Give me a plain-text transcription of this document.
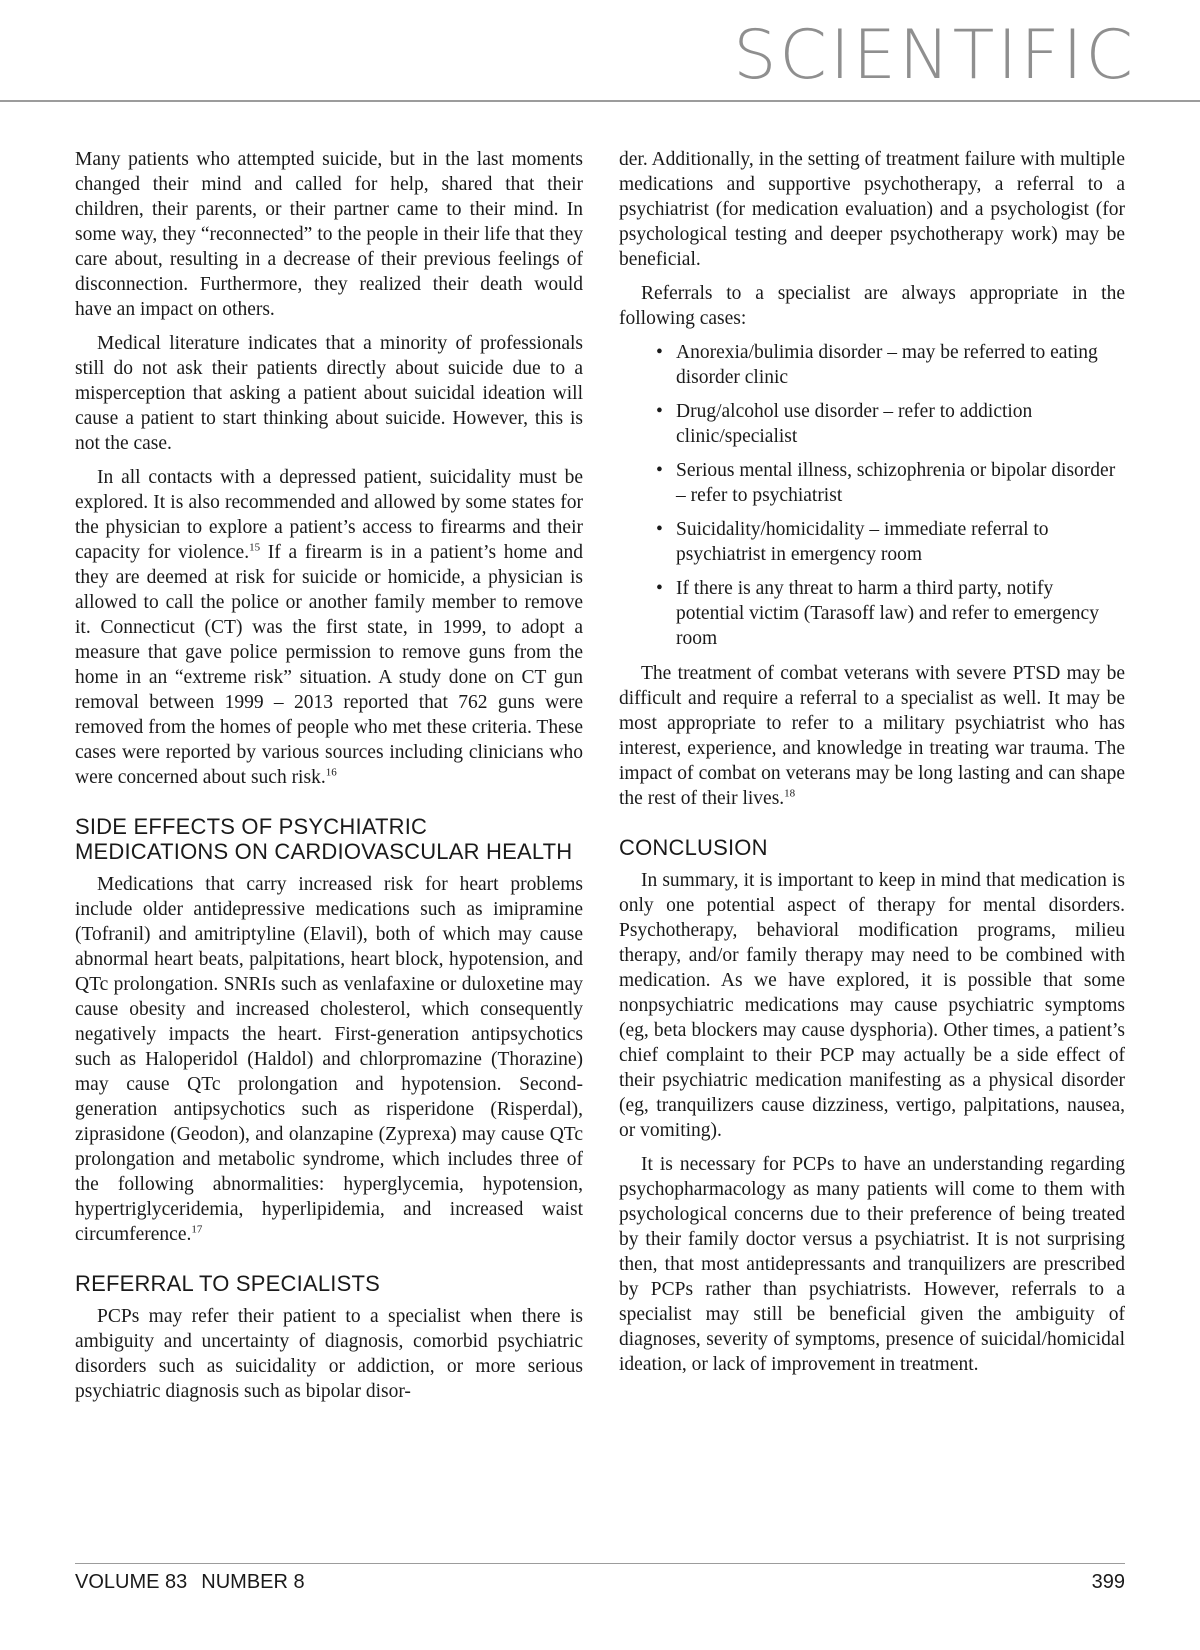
SCIENTIFIC

Many patients who attempted suicide, but in the last moments changed their mind and called for help, shared that their children, their parents, or their partner came to their mind. In some way, they “reconnected” to the people in their life that they care about, resulting in a decrease of their previous feelings of disconnection. Furthermore, they realized their death would have an impact on others.

Medical literature indicates that a minority of professionals still do not ask their patients directly about suicide due to a misperception that asking a patient about suicidal ideation will cause a patient to start thinking about suicide. However, this is not the case.

In all contacts with a depressed patient, suicidality must be explored. It is also recommended and allowed by some states for the physician to explore a patient’s access to firearms and their capacity for violence.$^{15}$ If a firearm is in a patient’s home and they are deemed at risk for suicide or homicide, a physician is allowed to call the police or another family member to remove it. Connecticut (CT) was the first state, in 1999, to adopt a measure that gave police permission to remove guns from the home in an “extreme risk” situation. A study done on CT gun removal between 1999 – 2013 reported that 762 guns were removed from the homes of people who met these criteria. These cases were reported by various sources including clinicians who were concerned about such risk.$^{16}$

SIDE EFFECTS OF PSYCHIATRIC MEDICATIONS ON CARDIOVASCULAR HEALTH

Medications that carry increased risk for heart problems include older antidepressive medications such as imipramine (Tofranil) and amitriptyline (Elavil), both of which may cause abnormal heart beats, palpitations, heart block, hypotension, and QTc prolongation. SNRIs such as venlafaxine or duloxetine may cause obesity and increased cholesterol, which consequently negatively impacts the heart. First-generation antipsychotics such as Haloperidol (Haldol) and chlorpromazine (Thorazine) may cause QTc prolongation and hypotension. Second-generation antipsychotics such as risperidone (Risperdal), ziprasidone (Geodon), and olanzapine (Zyprexa) may cause QTc prolongation and metabolic syndrome, which includes three of the following abnormalities: hyperglycemia, hypotension, hypertriglyceridemia, hyperlipidemia, and increased waist circumference.$^{17}$

REFERRAL TO SPECIALISTS

PCPs may refer their patient to a specialist when there is ambiguity and uncertainty of diagnosis, comorbid psychiatric disorders such as suicidality or addiction, or more serious psychiatric diagnosis such as bipolar disor-

der. Additionally, in the setting of treatment failure with multiple medications and supportive psychotherapy, a referral to a psychiatrist (for medication evaluation) and a psychologist (for psychological testing and deeper psychotherapy work) may be beneficial.

Referrals to a specialist are always appropriate in the following cases:

• Anorexia/bulimia disorder – may be referred to eating disorder clinic
• Drug/alcohol use disorder – refer to addiction clinic/specialist
• Serious mental illness, schizophrenia or bipolar disorder – refer to psychiatrist
• Suicidality/homicidality – immediate referral to psychiatrist in emergency room
• If there is any threat to harm a third party, notify potential victim (Tarasoff law) and refer to emergency room

The treatment of combat veterans with severe PTSD may be difficult and require a referral to a specialist as well. It may be most appropriate to refer to a military psychiatrist who has interest, experience, and knowledge in treating war trauma. The impact of combat on veterans may be long lasting and can shape the rest of their lives.$^{18}$

CONCLUSION

In summary, it is important to keep in mind that medication is only one potential aspect of therapy for mental disorders. Psychotherapy, behavioral modification programs, milieu therapy, and/or family therapy may need to be combined with medication. As we have explored, it is possible that some nonpsychiatric medications may cause psychiatric symptoms (eg, beta blockers may cause dysphoria). Other times, a patient’s chief complaint to their PCP may actually be a side effect of their psychiatric medication manifesting as a physical disorder (eg, tranquilizers cause dizziness, vertigo, palpitations, nausea, or vomiting).

It is necessary for PCPs to have an understanding regarding psychopharmacology as many patients will come to them with psychological concerns due to their preference of being treated by their family doctor versus a psychiatrist. It is not surprising then, that most antidepressants and tranquilizers are prescribed by PCPs rather than psychiatrists. However, referrals to a specialist may still be beneficial given the ambiguity of diagnoses, severity of symptoms, presence of suicidal/homicidal ideation, or lack of improvement in treatment.

VOLUME 83 NUMBER 8	399
